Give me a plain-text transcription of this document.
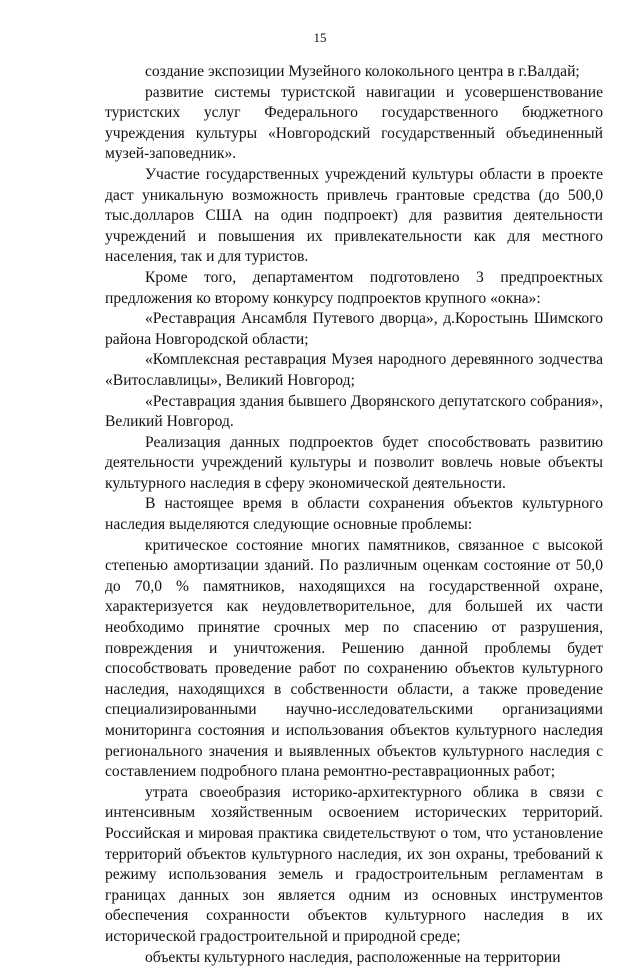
15

создание экспозиции Музейного колокольного центра в г.Валдай;

развитие системы туристской навигации и усовершенствование туристских услуг Федерального государственного бюджетного учреждения культуры «Новгородский государственный объединенный музей-заповедник».

Участие государственных учреждений культуры области в проекте даст уникальную возможность привлечь грантовые средства (до 500,0 тыс.долларов США на один подпроект) для развития деятельности учреждений и повышения их привлекательности как для местного населения, так и для туристов.

Кроме того, департаментом подготовлено 3 предпроектных предложения ко второму конкурсу подпроектов крупного «окна»:

«Реставрация Ансамбля Путевого дворца», д.Коростынь Шимского района Новгородской области;

«Комплексная реставрация Музея народного деревянного зодчества «Витославлицы», Великий Новгород;

«Реставрация здания бывшего Дворянского депутатского собрания», Великий Новгород.

Реализация данных подпроектов будет способствовать развитию деятельности учреждений культуры и позволит вовлечь новые объекты культурного наследия в сферу экономической деятельности.

В настоящее время в области сохранения объектов культурного наследия выделяются следующие основные проблемы:

критическое состояние многих памятников, связанное с высокой степенью амортизации зданий. По различным оценкам состояние от 50,0 до 70,0 % памятников, находящихся на государственной охране, характеризуется как неудовлетворительное, для большей их части необходимо принятие срочных мер по спасению от разрушения, повреждения и уничтожения. Решению данной проблемы будет способствовать проведение работ по сохранению объектов культурного наследия, находящихся в собственности области, а также проведение специализированными научно-исследовательскими организациями мониторинга состояния и использования объектов культурного наследия регионального значения и выявленных объектов культурного наследия с составлением подробного плана ремонтно-реставрационных работ;

утрата своеобразия историко-архитектурного облика в связи с интенсивным хозяйственным освоением исторических территорий. Российская и мировая практика свидетельствуют о том, что установление территорий объектов культурного наследия, их зон охраны, требований к режиму использования земель и градостроительным регламентам в границах данных зон является одним из основных инструментов обеспечения сохранности объектов культурного наследия в их исторической градостроительной и природной среде;

объекты культурного наследия, расположенные на территории
